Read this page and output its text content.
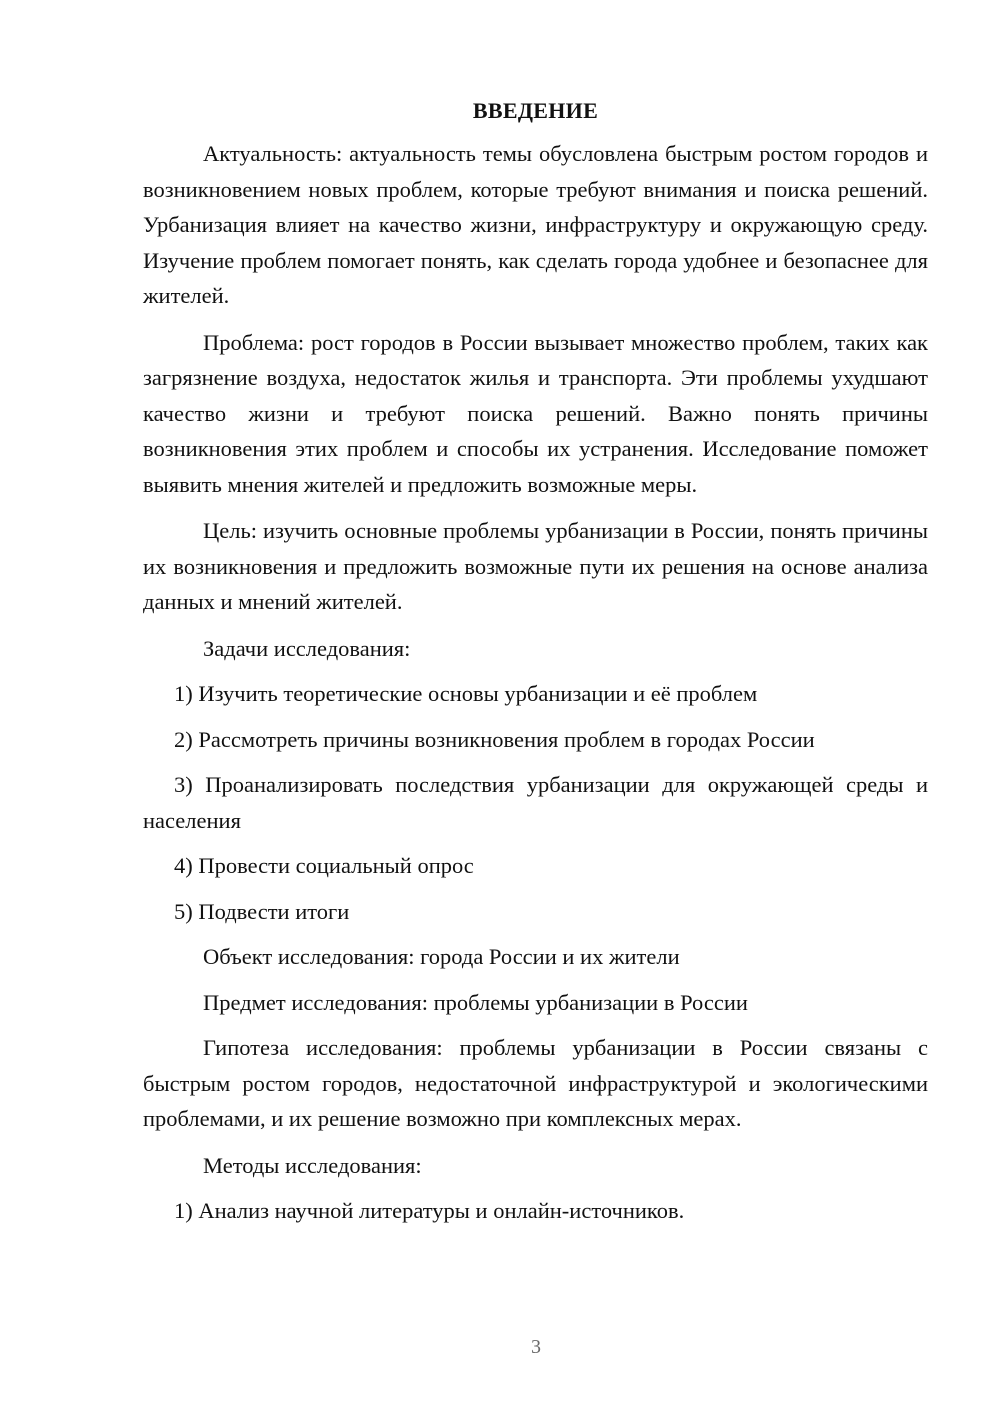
ВВЕДЕНИЕ

Актуальность: актуальность темы обусловлена быстрым ростом городов и возникновением новых проблем, которые требуют внимания и поиска решений. Урбанизация влияет на качество жизни, инфраструктуру и окружающую среду. Изучение проблем помогает понять, как сделать города удобнее и безопаснее для жителей.

Проблема: рост городов в России вызывает множество проблем, таких как загрязнение воздуха, недостаток жилья и транспорта. Эти проблемы ухудшают качество жизни и требуют поиска решений. Важно понять причины возникновения этих проблем и способы их устранения. Исследование поможет выявить мнения жителей и предложить возможные меры.

Цель: изучить основные проблемы урбанизации в России, понять причины их возникновения и предложить возможные пути их решения на основе анализа данных и мнений жителей.

Задачи исследования:

1) Изучить теоретические основы урбанизации и её проблем

2) Рассмотреть причины возникновения проблем в городах России

3) Проанализировать последствия урбанизации для окружающей среды и населения

4) Провести социальный опрос

5) Подвести итоги

Объект исследования: города России и их жители

Предмет исследования: проблемы урбанизации в России

Гипотеза исследования: проблемы урбанизации в России связаны с быстрым ростом городов, недостаточной инфраструктурой и экологическими проблемами, и их решение возможно при комплексных мерах.

Методы исследования:

1) Анализ научной литературы и онлайн-источников.

3
